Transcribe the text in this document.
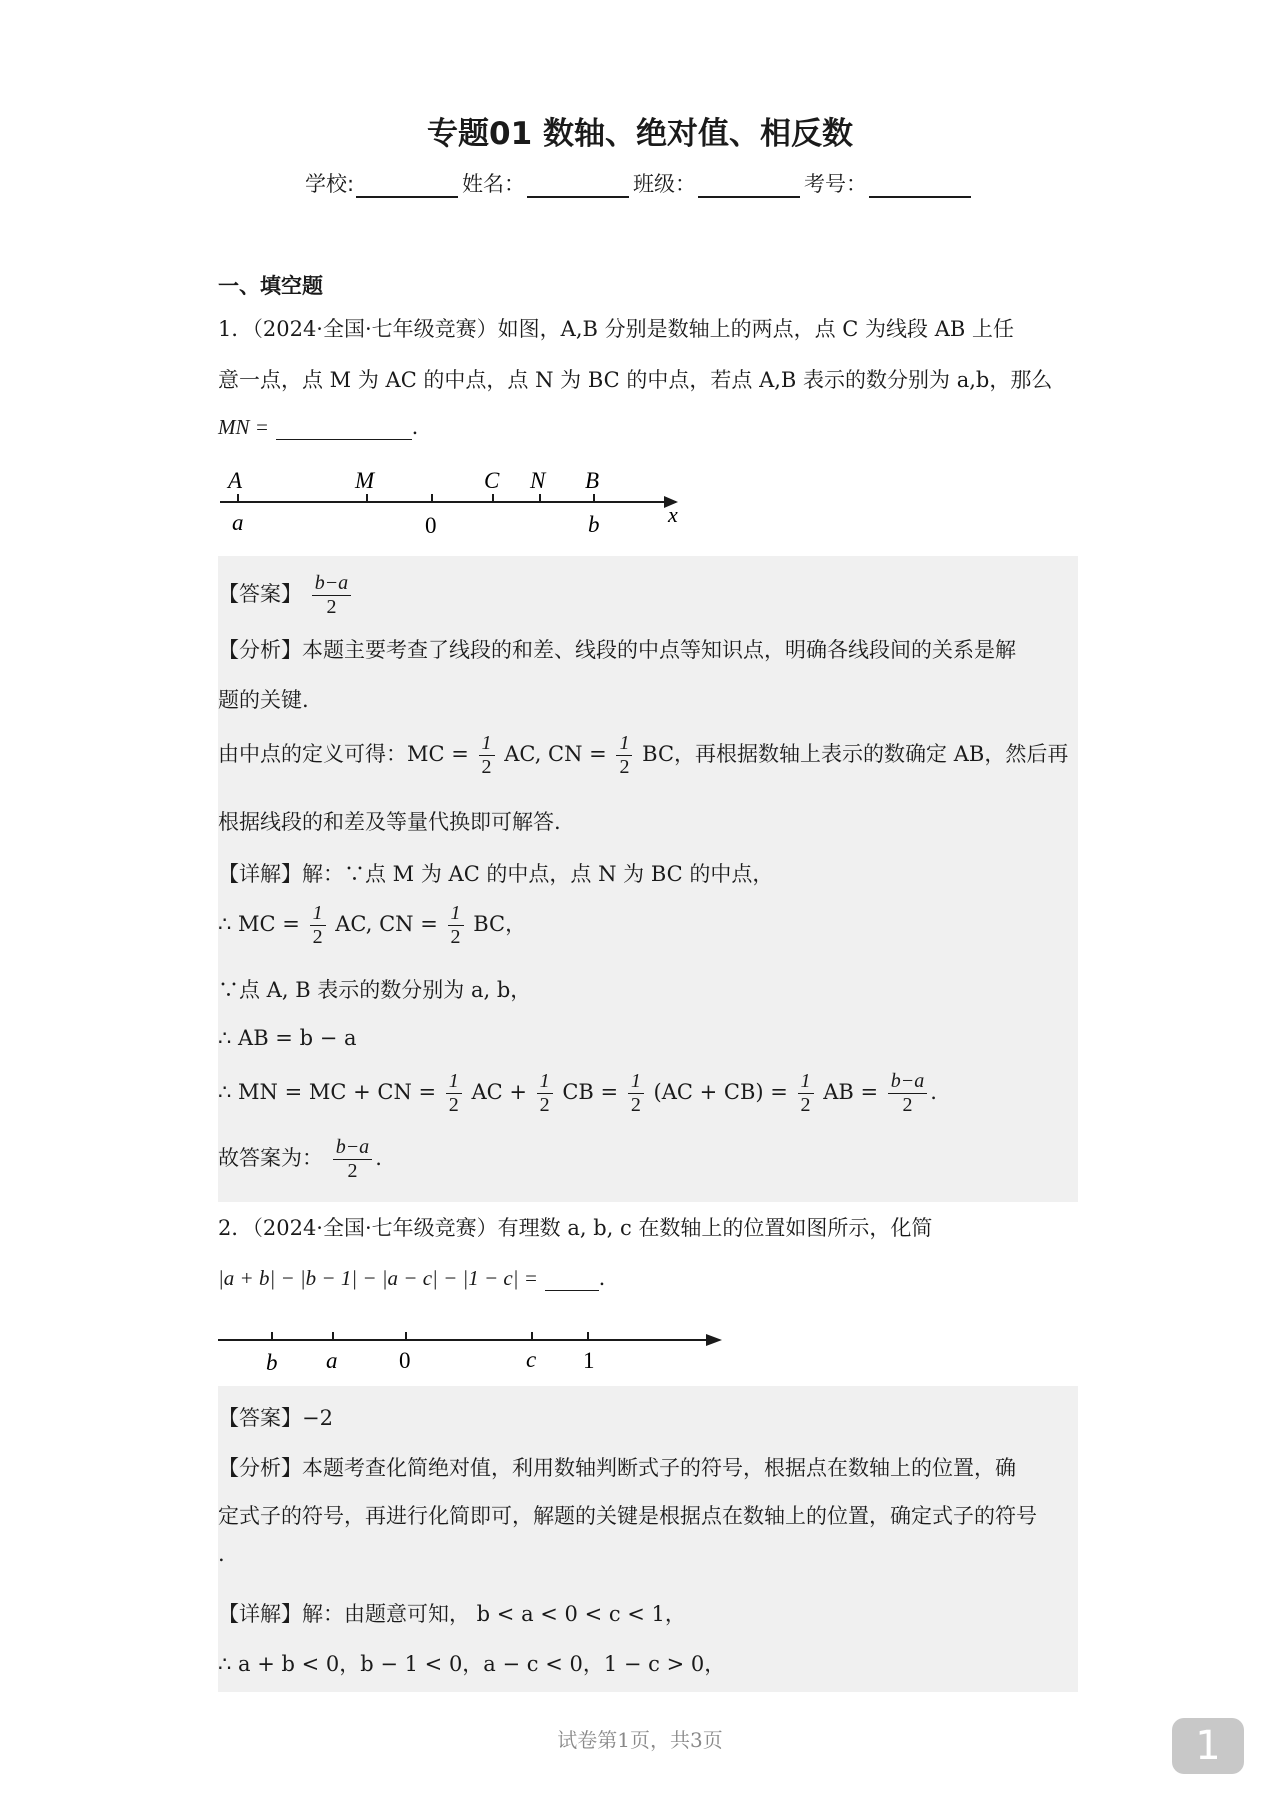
专题01 数轴、绝对值、相反数
学校:	姓名：	班级：	考号：
一、填空题
1．（2024·全国·七年级竞赛）如图，A,B 分别是数轴上的两点，点 C 为线段 AB 上任
意一点，点 M 为 AC 的中点，点 N 为 BC 的中点，若点 A,B 表示的数分别为 a,b，那么
MN =	.
A	M	C N B
a	0	b	x
【答案】 $\frac{b-a}{2}$
【分析】本题主要考查了线段的和差、线段的中点等知识点，明确各线段间的关系是解
题的关键.
由中点的定义可得：MC = $\frac{1}{2}$ AC, CN = $\frac{1}{2}$ BC，再根据数轴上表示的数确定 AB，然后再
根据线段的和差及等量代换即可解答.
【详解】解：∵点 M 为 AC 的中点，点 N 为 BC 的中点，
∴ MC = $\frac{1}{2}$ AC, CN = $\frac{1}{2}$ BC，
∵点 A, B 表示的数分别为 a, b，
∴ AB = b − a
∴ MN = MC + CN = $\frac{1}{2}$ AC + $\frac{1}{2}$ CB = $\frac{1}{2} (AC + CB) = \frac{1}{2}$ AB = $\frac{b-a}{2}$ .
故答案为： $\frac{b-a}{2}$ .
2．（2024·全国·七年级竞赛）有理数 a, b, c 在数轴上的位置如图所示，化简
|a + b| − |b − 1| − |a − c| − |1 − c| =	.
b a	0	c 1
【答案】−2
【分析】本题考查化简绝对值，利用数轴判断式子的符号，根据点在数轴上的位置，确
定式子的符号，再进行化简即可，解题的关键是根据点在数轴上的位置，确定式子的符号
.
【详解】解：由题意可知， b < a < 0 < c < 1，
∴ a + b < 0，b − 1 < 0，a − c < 0，1 − c > 0，
试卷第1页，共3页	1
